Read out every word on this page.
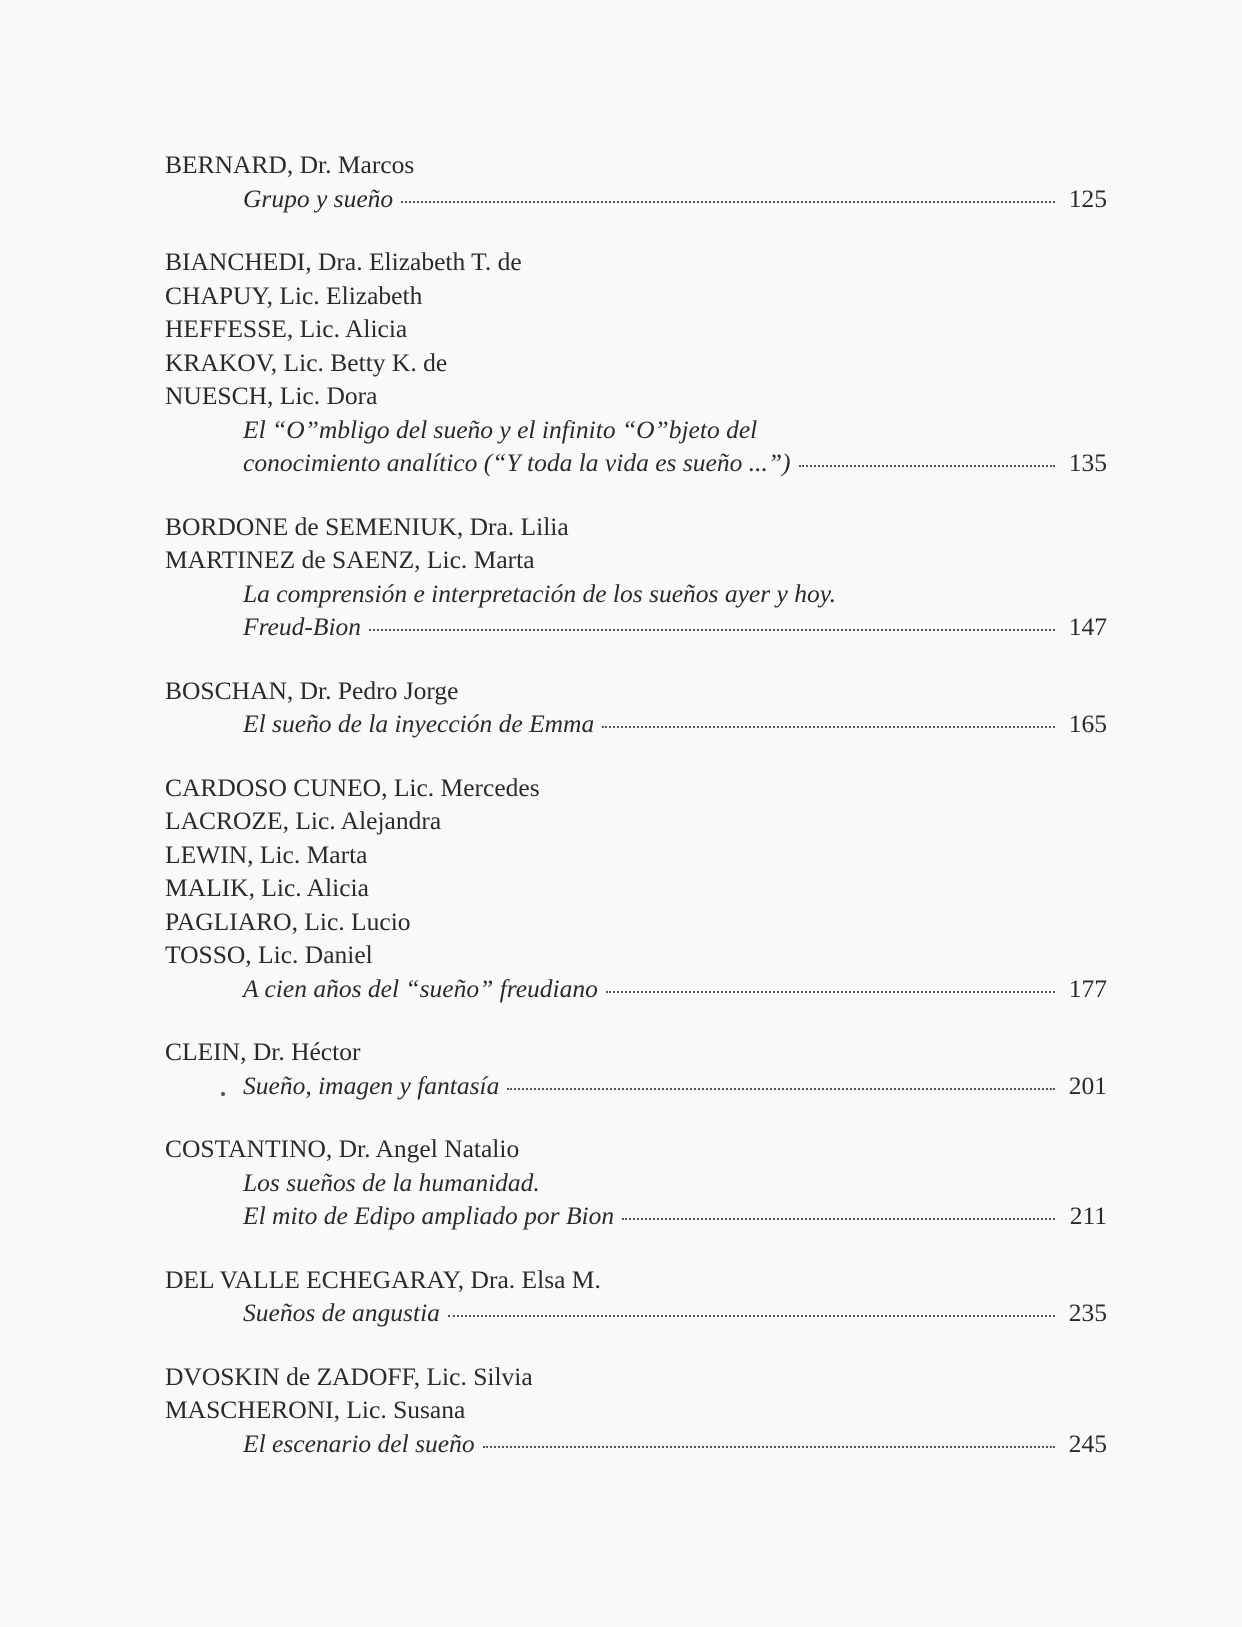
BERNARD, Dr. Marcos
Grupo y sueño	125
BIANCHEDI, Dra. Elizabeth T. de
CHAPUY, Lic. Elizabeth
HEFFESSE, Lic. Alicia
KRAKOV, Lic. Betty K. de
NUESCH, Lic. Dora
El “O”mbligo del sueño y el infinito “O”bjeto del
conocimiento analítico (“Y toda la vida es sueño ...”)	135
BORDONE de SEMENIUK, Dra. Lilia
MARTINEZ de SAENZ, Lic. Marta
La comprensión e interpretación de los sueños ayer y hoy.
Freud-Bion	147
BOSCHAN, Dr. Pedro Jorge
El sueño de la inyección de Emma	165
CARDOSO CUNEO, Lic. Mercedes
LACROZE, Lic. Alejandra
LEWIN, Lic. Marta
MALIK, Lic. Alicia
PAGLIARO, Lic. Lucio
TOSSO, Lic. Daniel
A cien años del “sueño” freudiano	177
CLEIN, Dr. Héctor
Sueño, imagen y fantasía	201
COSTANTINO, Dr. Angel Natalio
Los sueños de la humanidad.
El mito de Edipo ampliado por Bion	211
DEL VALLE ECHEGARAY, Dra. Elsa M.
Sueños de angustia	235
DVOSKIN de ZADOFF, Lic. Silvia
MASCHERONI, Lic. Susana
El escenario del sueño	245
